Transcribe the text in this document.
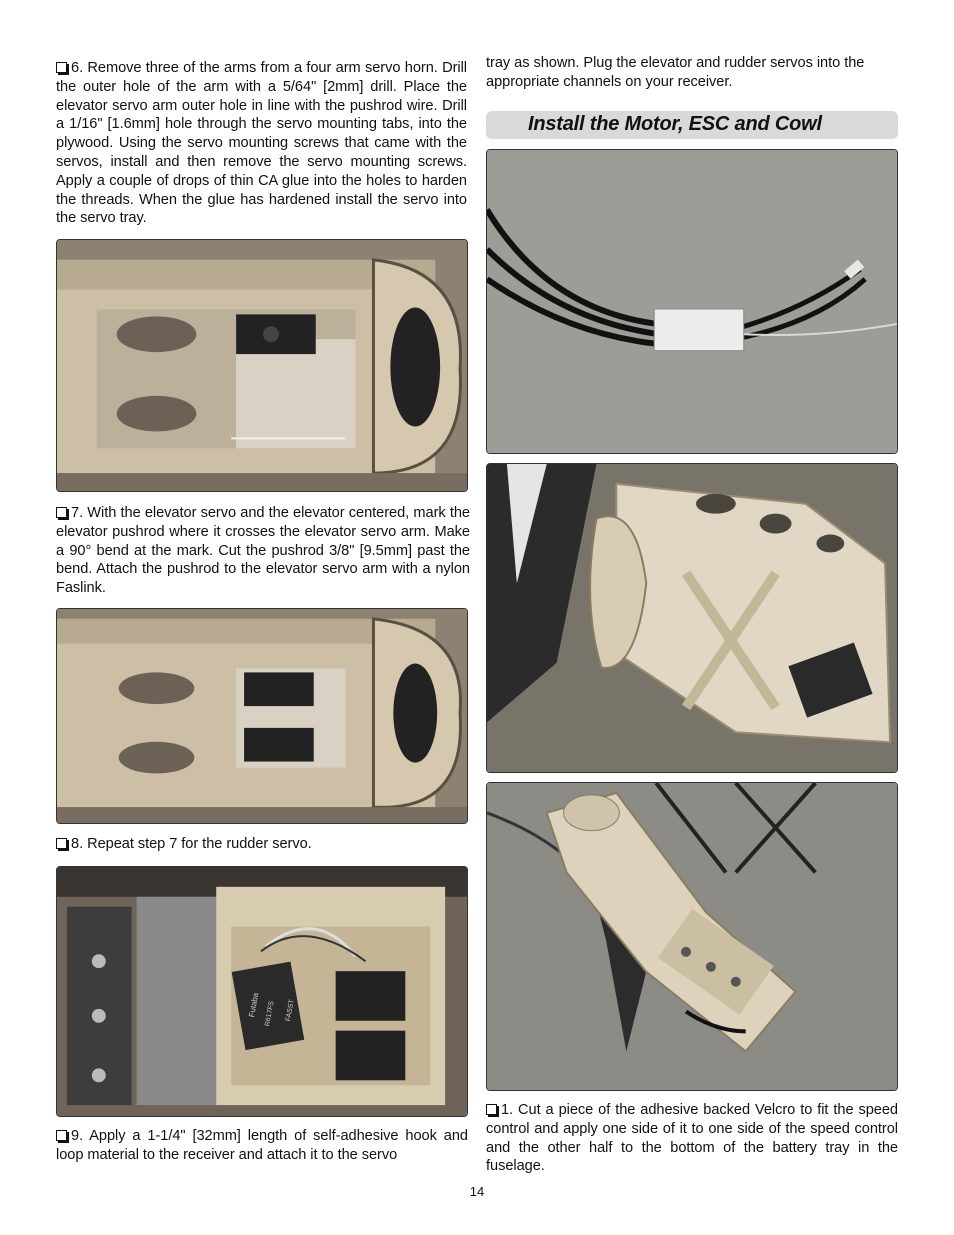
6. Remove three of the arms from a four arm servo horn. Drill the outer hole of the arm with a 5/64" [2mm] drill. Place the elevator servo arm outer hole in line with the pushrod wire. Drill a 1/16" [1.6mm] hole through the servo mounting tabs, into the plywood. Using the servo mounting screws that came with the servos, install and then remove the servo mounting screws. Apply a couple of drops of thin CA glue into the holes to harden the threads. When the glue has hardened install the servo into the servo tray.
7. With the elevator servo and the elevator centered, mark the elevator pushrod where it crosses the elevator servo arm. Make a 90° bend at the mark. Cut the pushrod 3/8" [9.5mm] past the bend. Attach the pushrod to the elevator servo arm with a nylon Faslink.
8. Repeat step 7 for the rudder servo.
Futaba R617FS FASST
9. Apply a 1-1/4" [32mm] length of self-adhesive hook and loop material to the receiver and attach it to the servo
tray as shown. Plug the elevator and rudder servos into the appropriate channels on your receiver.
Install the Motor, ESC and Cowl
1. Cut a piece of the adhesive backed Velcro to fit the speed control and apply one side of it to one side of the speed control and the other half to the bottom of the battery tray in the fuselage.
14
